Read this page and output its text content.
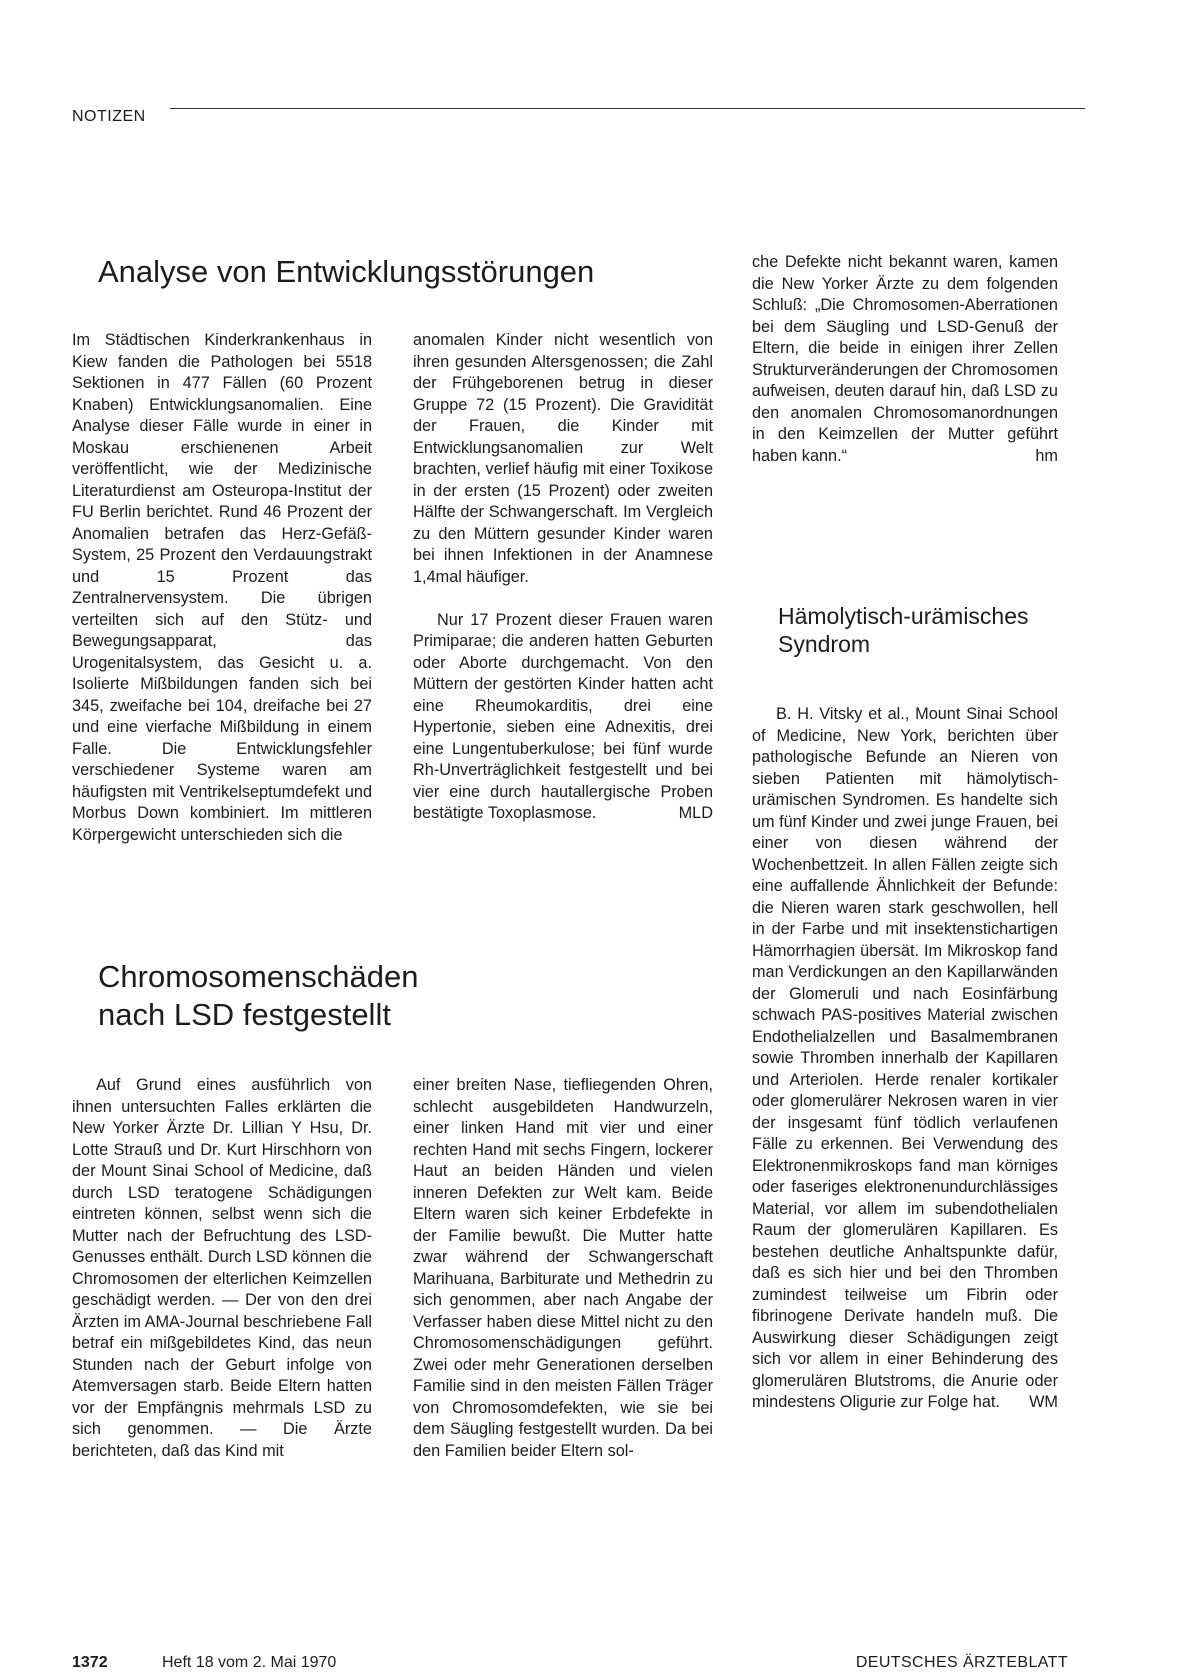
NOTIZEN
Analyse von Entwicklungsstörungen

Im Städtischen Kinderkrankenhaus in Kiew fanden die Pathologen bei 5518 Sektionen in 477 Fällen (60 Prozent Knaben) Entwicklungsanomalien. Eine Analyse dieser Fälle wurde in einer in Moskau erschienenen Arbeit veröffentlicht, wie der Medizinische Literaturdienst am Osteuropa-Institut der FU Berlin berichtet. Rund 46 Prozent der Anomalien betrafen das Herz-Gefäß-System, 25 Prozent den Verdauungstrakt und 15 Prozent das Zentralnervensystem. Die übrigen verteilten sich auf den Stütz- und Bewegungsapparat, das Urogenitalsystem, das Gesicht u. a. Isolierte Mißbildungen fanden sich bei 345, zweifache bei 104, dreifache bei 27 und eine vierfache Mißbildung in einem Falle. Die Entwicklungsfehler verschiedener Systeme waren am häufigsten mit Ventrikelseptumdefekt und Morbus Down kombiniert. Im mittleren Körpergewicht unterschieden sich die

anomalen Kinder nicht wesentlich von ihren gesunden Altersgenossen; die Zahl der Frühgeborenen betrug in dieser Gruppe 72 (15 Prozent). Die Gravidität der Frauen, die Kinder mit Entwicklungsanomalien zur Welt brachten, verlief häufig mit einer Toxikose in der ersten (15 Prozent) oder zweiten Hälfte der Schwangerschaft. Im Vergleich zu den Müttern gesunder Kinder waren bei ihnen Infektionen in der Anamnese 1,4mal häufiger.

Nur 17 Prozent dieser Frauen waren Primiparae; die anderen hatten Geburten oder Aborte durchgemacht. Von den Müttern der gestörten Kinder hatten acht eine Rheumokarditis, drei eine Hypertonie, sieben eine Adnexitis, drei eine Lungentuberkulose; bei fünf wurde Rh-Unverträglichkeit festgestellt und bei vier eine durch hautallergische Proben bestätigte Toxoplasmose.	MLD

Chromosomenschäden
nach LSD festgestellt

Auf Grund eines ausführlich von ihnen untersuchten Falles erklärten die New Yorker Ärzte Dr. Lillian Y Hsu, Dr. Lotte Strauß und Dr. Kurt Hirschhorn von der Mount Sinai School of Medicine, daß durch LSD teratogene Schädigungen eintreten können, selbst wenn sich die Mutter nach der Befruchtung des LSD-Genusses enthält. Durch LSD können die Chromosomen der elterlichen Keimzellen geschädigt werden. — Der von den drei Ärzten im AMA-Journal beschriebene Fall betraf ein mißgebildetes Kind, das neun Stunden nach der Geburt infolge von Atemversagen starb. Beide Eltern hatten vor der Empfängnis mehrmals LSD zu sich genommen. — Die Ärzte berichteten, daß das Kind mit

einer breiten Nase, tiefliegenden Ohren, schlecht ausgebildeten Handwurzeln, einer linken Hand mit vier und einer rechten Hand mit sechs Fingern, lockerer Haut an beiden Händen und vielen inneren Defekten zur Welt kam. Beide Eltern waren sich keiner Erbdefekte in der Familie bewußt. Die Mutter hatte zwar während der Schwangerschaft Marihuana, Barbiturate und Methedrin zu sich genommen, aber nach Angabe der Verfasser haben diese Mittel nicht zu den Chromosomenschädigungen geführt. Zwei oder mehr Generationen derselben Familie sind in den meisten Fällen Träger von Chromosomdefekten, wie sie bei dem Säugling festgestellt wurden. Da bei den Familien beider Eltern sol-

che Defekte nicht bekannt waren, kamen die New Yorker Ärzte zu dem folgenden Schluß: „Die Chromosomen-Aberrationen bei dem Säugling und LSD-Genuß der Eltern, die beide in einigen ihrer Zellen Strukturveränderungen der Chromosomen aufweisen, deuten darauf hin, daß LSD zu den anomalen Chromosomanordnungen in den Keimzellen der Mutter geführt haben kann.“	hm

Hämolytisch-urämisches
Syndrom

B. H. Vitsky et al., Mount Sinai School of Medicine, New York, berichten über pathologische Befunde an Nieren von sieben Patienten mit hämolytisch-urämischen Syndromen. Es handelte sich um fünf Kinder und zwei junge Frauen, bei einer von diesen während der Wochenbettzeit. In allen Fällen zeigte sich eine auffallende Ähnlichkeit der Befunde: die Nieren waren stark geschwollen, hell in der Farbe und mit insektenstichartigen Hämorrhagien übersät. Im Mikroskop fand man Verdickungen an den Kapillarwänden der Glomeruli und nach Eosinfärbung schwach PAS-positives Material zwischen Endothelialzellen und Basalmembranen sowie Thromben innerhalb der Kapillaren und Arteriolen. Herde renaler kortikaler oder glomerulärer Nekrosen waren in vier der insgesamt fünf tödlich verlaufenen Fälle zu erkennen. Bei Verwendung des Elektronenmikroskops fand man körniges oder faseriges elektronenundurchlässiges Material, vor allem im subendothelialen Raum der glomerulären Kapillaren. Es bestehen deutliche Anhaltspunkte dafür, daß es sich hier und bei den Thromben zumindest teilweise um Fibrin oder fibrinogene Derivate handeln muß. Die Auswirkung dieser Schädigungen zeigt sich vor allem in einer Behinderung des glomerulären Blutstroms, die Anurie oder mindestens Oligurie zur Folge hat.	WM

1372	Heft 18 vom 2. Mai 1970	DEUTSCHES ÄRZTEBLATT
